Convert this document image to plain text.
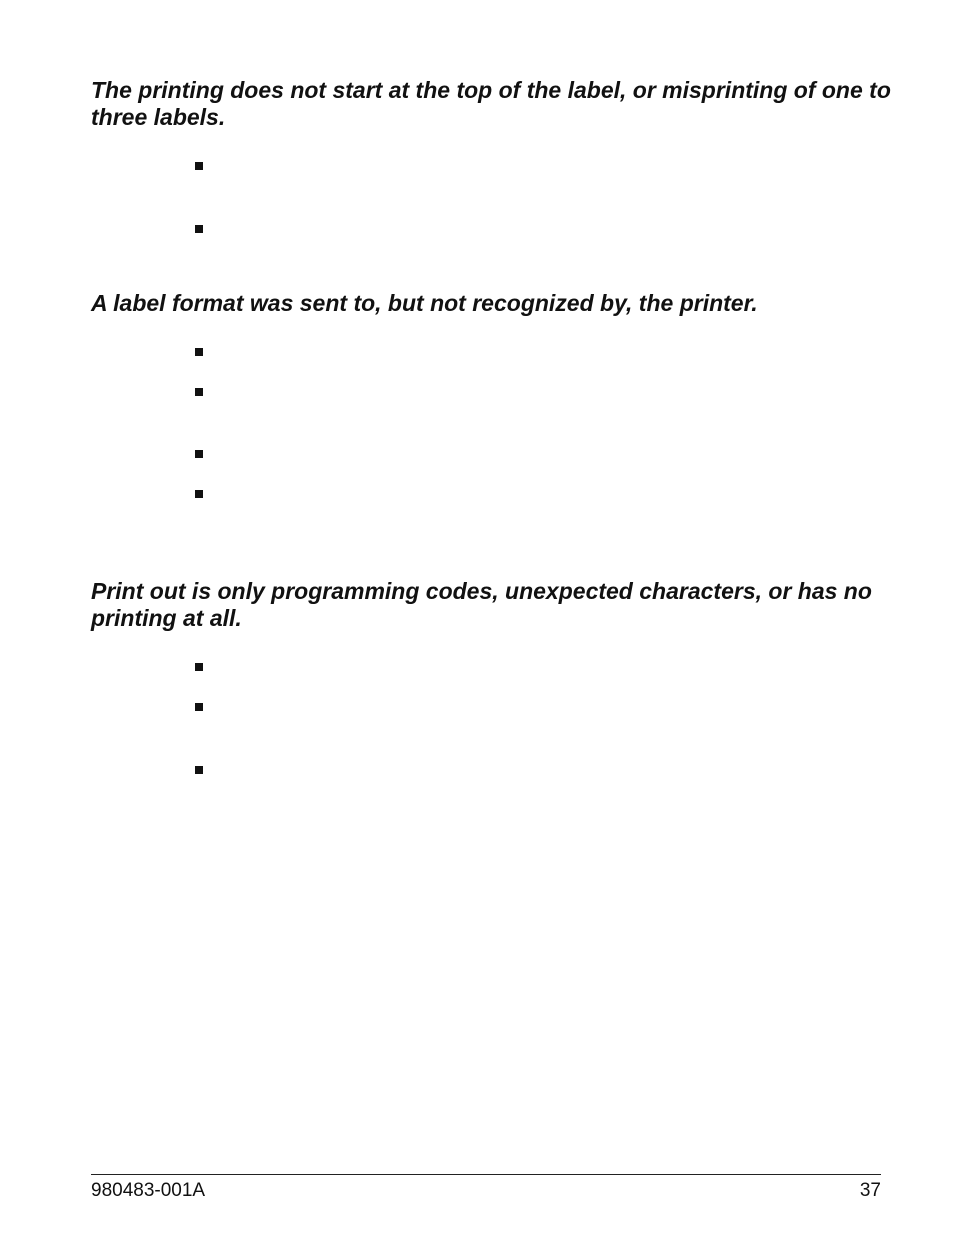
The printing does not start at the top of the label, or misprinting of one to three labels.
A label format was sent to, but not recognized by, the printer.
Print out is only programming codes, unexpected characters, or has no printing at all.
980483-001A	37
